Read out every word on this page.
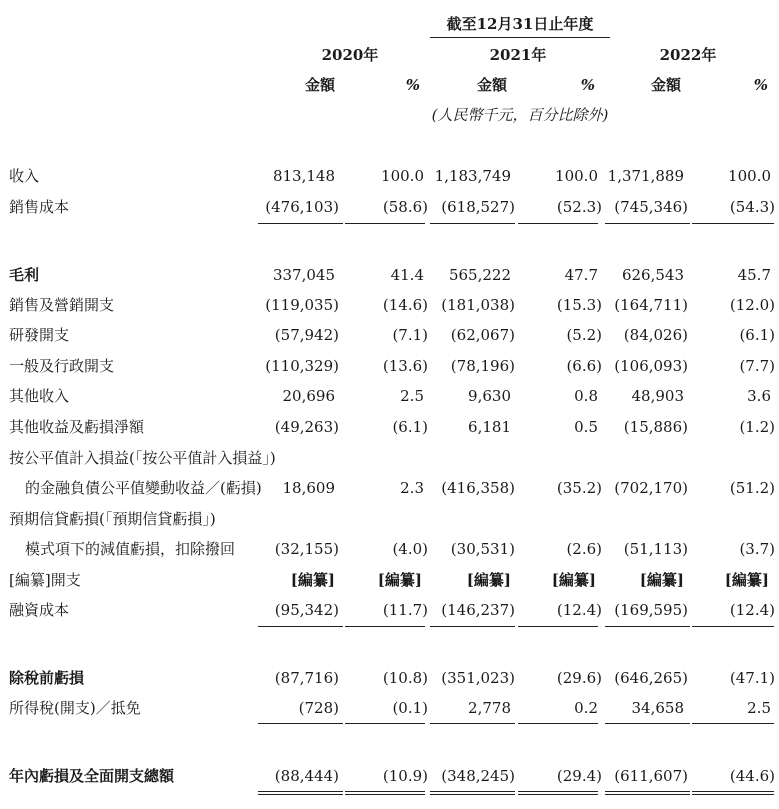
截至12月31日止年度
2020年	2021年	2022年
金額	%	金額	%	金額	%
(人民幣千元，百分比除外)
收入	813,148	100.0 1,183,749	100.0 1,371,889	100.0
銷售成本	(476,103)	(58.6) (618,527)	(52.3) (745,346)	(54.3)
毛利	337,045	41.4 565,222	47.7 626,543	45.7
銷售及營銷開支	(119,035)	(14.6) (181,038)	(15.3) (164,711)	(12.0)
研發開支	(57,942)	(7.1) (62,067)	(5.2) (84,026)	(6.1)
一般及行政開支	(110,329)	(13.6) (78,196)	(6.6) (106,093)	(7.7)
其他收入	20,696	2.5	9,630	0.8 48,903	3.6
其他收益及虧損淨額	(49,263)	(6.1)	6,181	0.5 (15,886)	(1.2)
按公平值計入損益(「按公平值計入損益」)
的金融負債公平值變動收益／(虧損) 18,609	2.3 (416,358)	(35.2) (702,170)	(51.2)
預期信貸虧損(「預期信貸虧損」)
模式項下的減值虧損，扣除撥回	(32,155)	(4.0) (30,531)	(2.6) (51,113)	(3.7)
[編纂]開支	[編纂]	[編纂]	[編纂]	[編纂]	[編纂]	[編纂]
融資成本	(95,342)	(11.7) (146,237)	(12.4) (169,595)	(12.4)
除稅前虧損	(87,716)	(10.8) (351,023)	(29.6) (646,265)	(47.1)
所得稅(開支)／抵免	(728)	(0.1)	2,778	0.2 34,658	2.5
年內虧損及全面開支總額	(88,444)	(10.9) (348,245)	(29.4) (611,607)	(44.6)
